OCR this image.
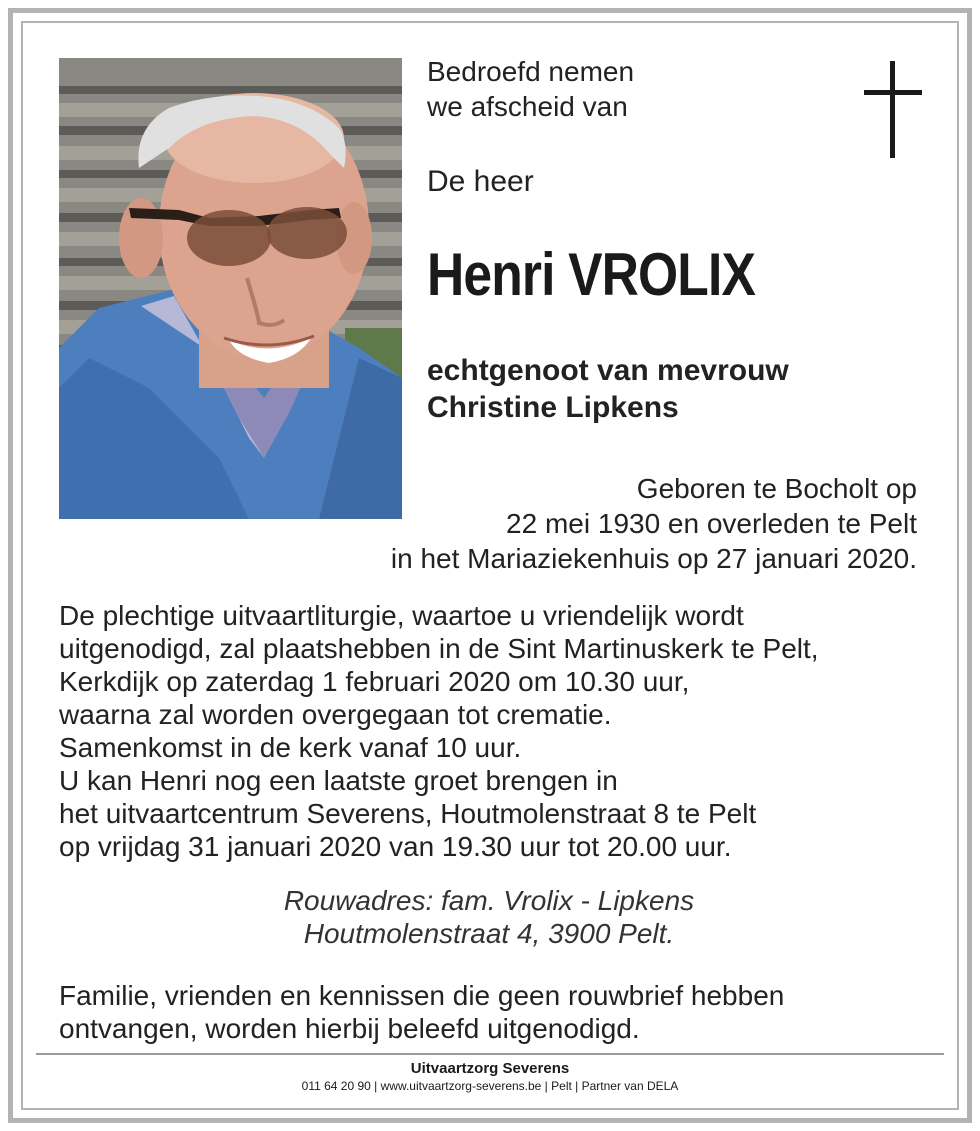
Bedroefd nemen
we afscheid van
De heer
Henri VROLIX
echtgenoot van mevrouw
Christine Lipkens
Geboren te Bocholt op
22 mei 1930 en overleden te Pelt
in het Mariaziekenhuis op 27 januari 2020.
De plechtige uitvaartliturgie, waartoe u vriendelijk wordt
uitgenodigd, zal plaatshebben in de Sint Martinuskerk te Pelt,
Kerkdijk op zaterdag 1 februari 2020 om 10.30 uur,
waarna zal worden overgegaan tot crematie.
Samenkomst in de kerk vanaf 10 uur.
U kan Henri nog een laatste groet brengen in
het uitvaartcentrum Severens, Houtmolenstraat 8 te Pelt
op vrijdag 31 januari 2020 van 19.30 uur tot 20.00 uur.
Rouwadres: fam. Vrolix - Lipkens
Houtmolenstraat 4, 3900 Pelt.
Familie, vrienden en kennissen die geen rouwbrief hebben
ontvangen, worden hierbij beleefd uitgenodigd.
Uitvaartzorg Severens
011 64 20 90 | www.uitvaartzorg-severens.be | Pelt | Partner van DELA
